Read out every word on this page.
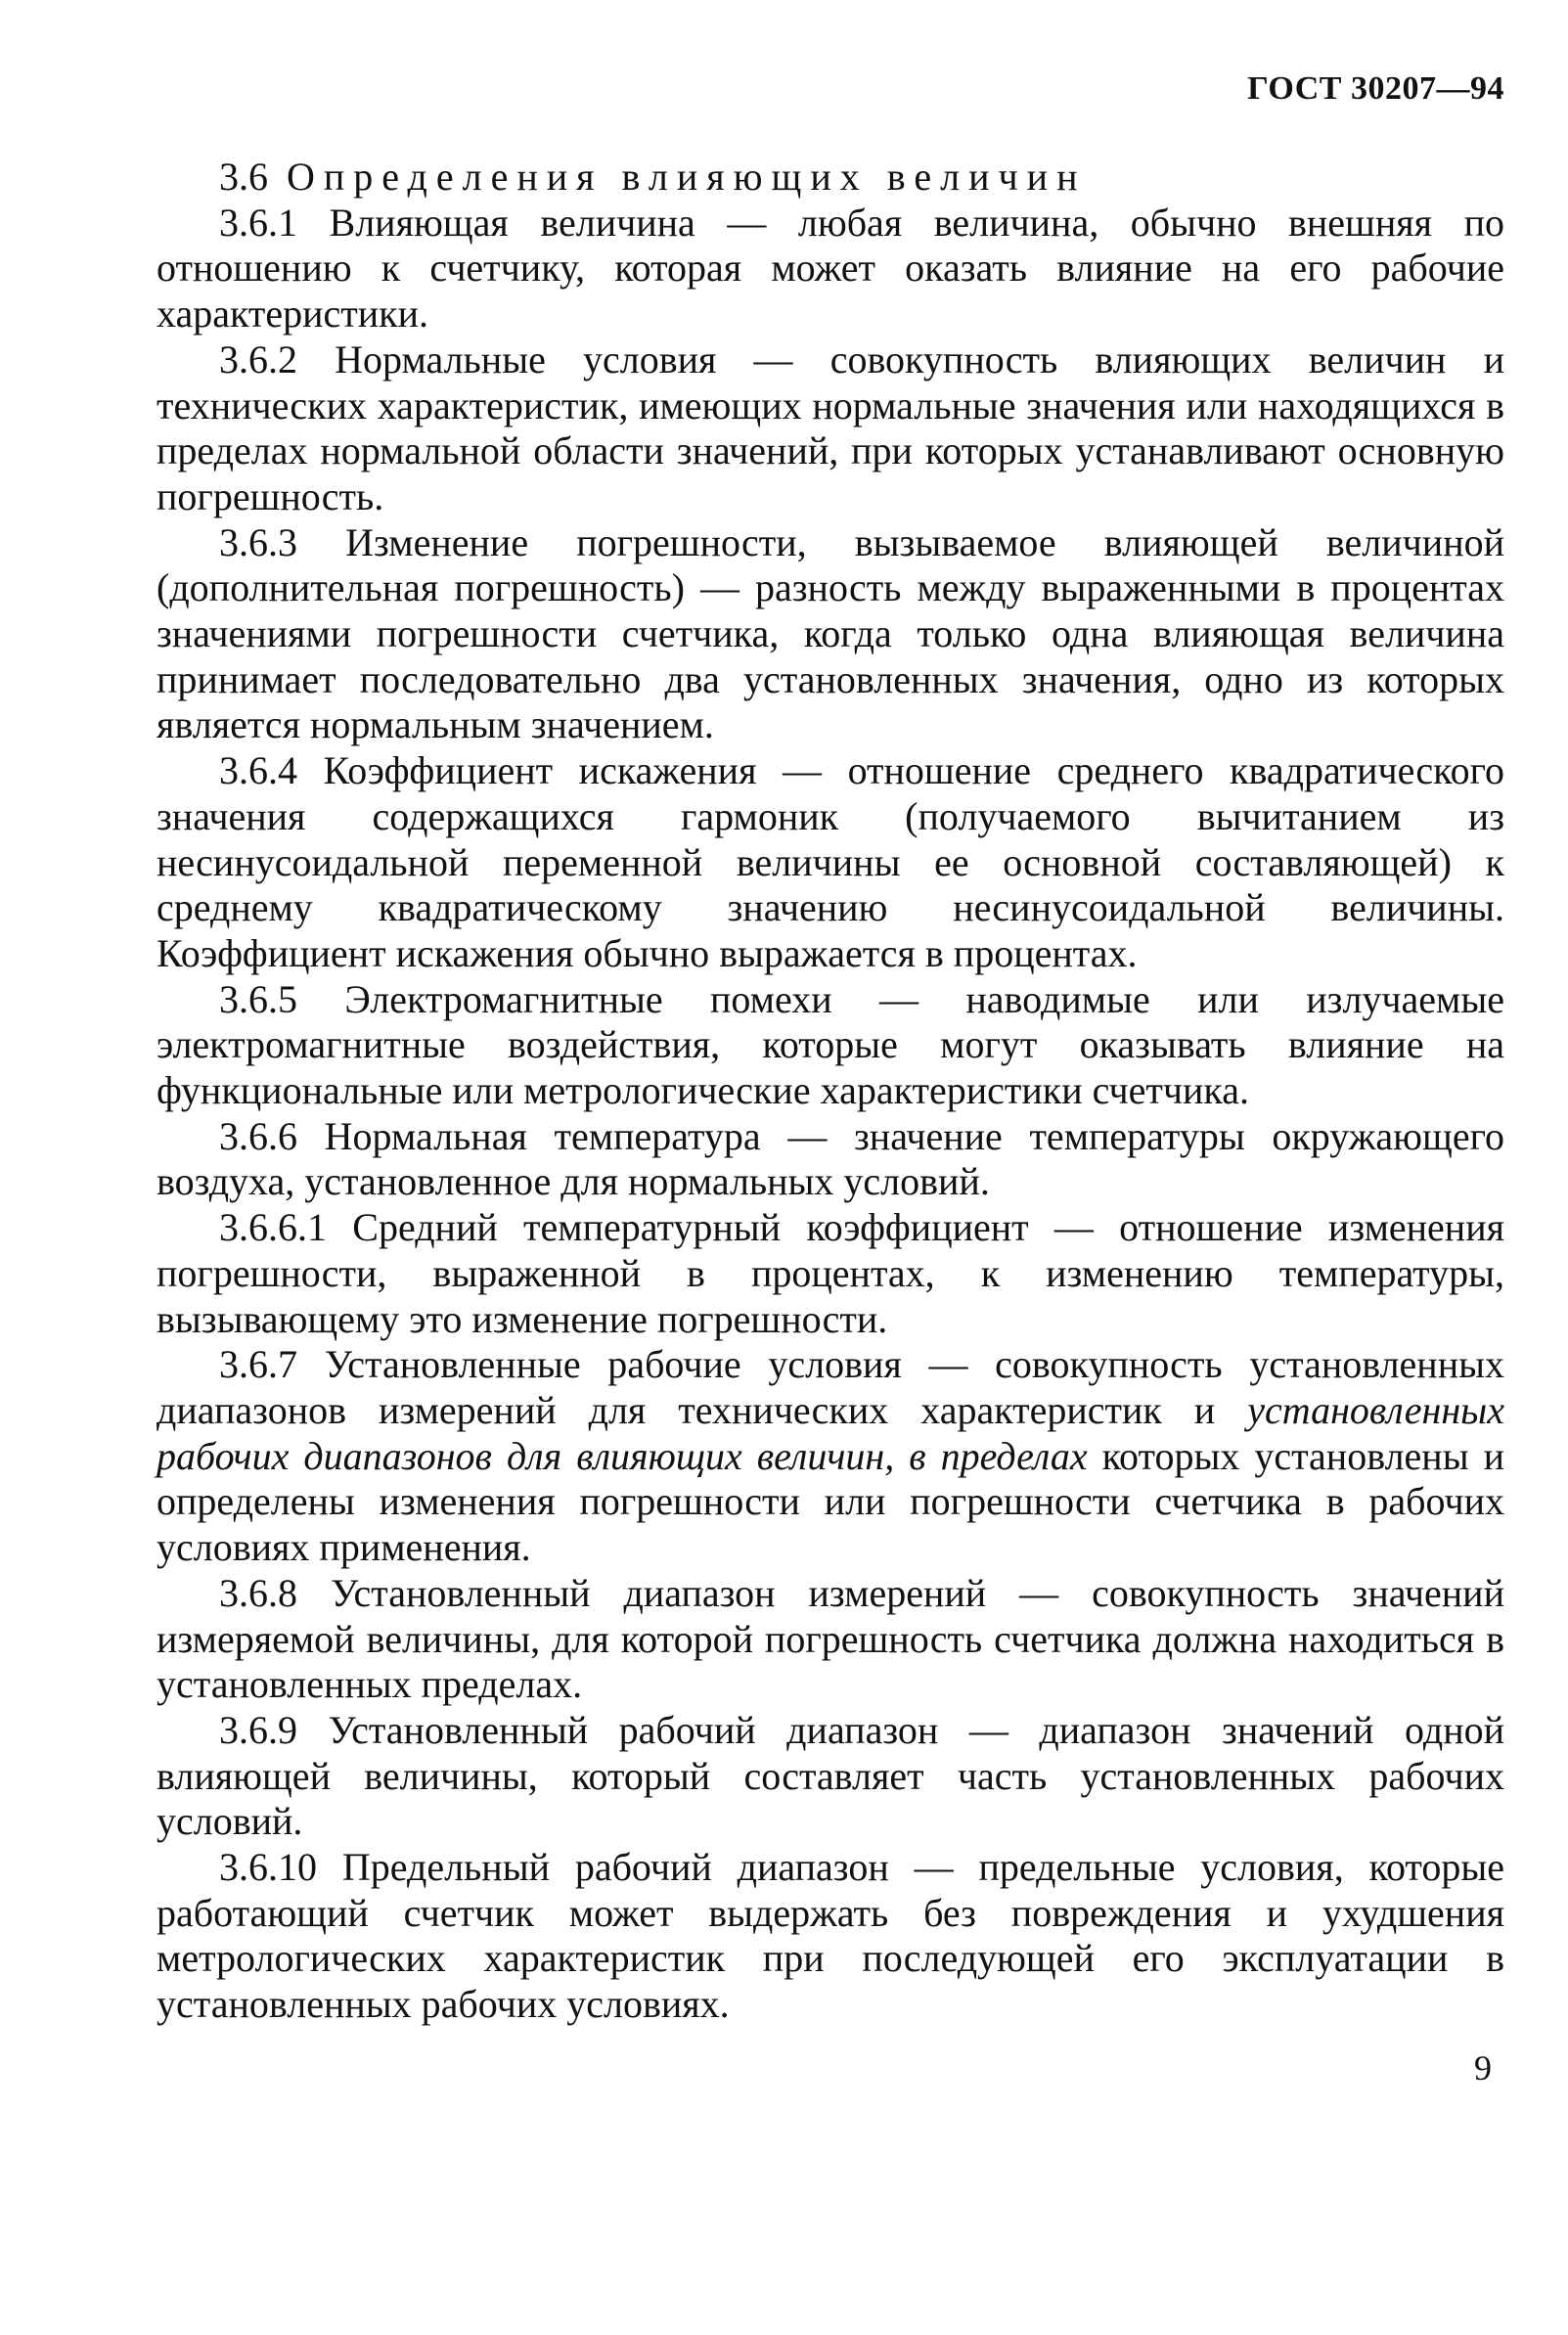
ГОСТ 30207—94

3.6 Определения влияющих величин

3.6.1 Влияющая величина — любая величина, обычно внешняя по отношению к счетчику, которая может оказать влияние на его рабочие характеристики.

3.6.2 Нормальные условия — совокупность влияющих величин и технических характеристик, имеющих нормальные значения или находящихся в пределах нормальной области значений, при которых устанавливают основную погрешность.

3.6.3 Изменение погрешности, вызываемое влияющей величиной (дополнительная погрешность) — разность между выраженными в процентах значениями погрешности счетчика, когда только одна влияющая величина принимает последовательно два установленных значения, одно из которых является нормальным значением.

3.6.4 Коэффициент искажения — отношение среднего квадратического значения содержащихся гармоник (получаемого вычитанием из несинусоидальной переменной величины ее основной составляющей) к среднему квадратическому значению несинусоидальной величины. Коэффициент искажения обычно выражается в процентах.

3.6.5 Электромагнитные помехи — наводимые или излучаемые электромагнитные воздействия, которые могут оказывать влияние на функциональные или метрологические характеристики счетчика.

3.6.6 Нормальная температура — значение температуры окружающего воздуха, установленное для нормальных условий.

3.6.6.1 Средний температурный коэффициент — отношение изменения погрешности, выраженной в процентах, к изменению температуры, вызывающему это изменение погрешности.

3.6.7 Установленные рабочие условия — совокупность установленных диапазонов измерений для технических характеристик и установленных рабочих диапазонов для влияющих величин, в пределах которых установлены и определены изменения погрешности или погрешности счетчика в рабочих условиях применения.

3.6.8 Установленный диапазон измерений — совокупность значений измеряемой величины, для которой погрешность счетчика должна находиться в установленных пределах.

3.6.9 Установленный рабочий диапазон — диапазон значений одной влияющей величины, который составляет часть установленных рабочих условий.

3.6.10 Предельный рабочий диапазон — предельные условия, которые работающий счетчик может выдержать без повреждения и ухудшения метрологических характеристик при последующей его эксплуатации в установленных рабочих условиях.

9
